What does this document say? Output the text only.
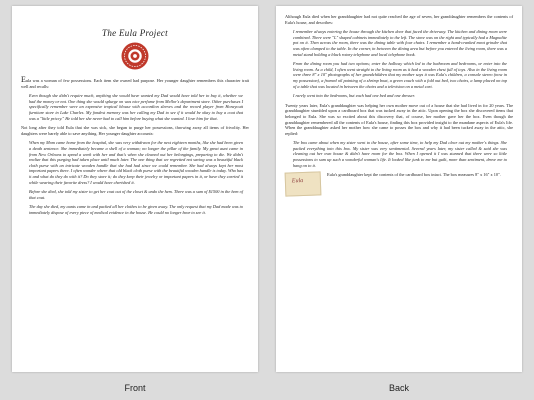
The Eula Project

Eula was a woman of few possessions. Each item she owned had purpose. Her younger daughter remembers this character trait well and recalls:

Even though she didn't require much, anything she would have wanted my Dad would have told her to buy it, whether we had the money or not. One thing she would splurge on was nice perfume from Mellor's department store. Other purchases I specifically remember were an expensive tropical blouse with accordion sleeves and the record player from Honeycutt furniture store in Lake Charles. My fondest memory was her calling my Dad to see if it would be okay to buy a coat that was a "little pricey." He told her she never had to call him before buying what she wanted. I love him for that.

Not long after they told Eula that she was sick, she began to purge her possessions, throwing away all items of frivolity. Her daughters were barely able to save anything. Her younger daughter accounts:

When my Mom came home from the hospital, she was very withdrawn for the next eighteen months, like she had been given a death sentence. She immediately became a shell of a woman; no longer the pillar of the family. My great aunt came in from New Orleans to spend a week with her and that's when she cleaned out her belongings, preparing to die. We didn't realize that this purging had taken place until much later. The one thing that we regretted not saving was a beautiful black cloth purse with an intricate wooden handle that she had had since we could remember. She had always kept her most important papers there. I often wonder where that old black cloth purse with the beautiful wooden handle is today. Who has it and what do they do with it? Do they store it; do they keep their jewelry or important papers in it, or have they carried it while wearing their favorite dress? I would have cherished it.

Before she died, she told my sister to get her coat out of the closet & undo the hem. There was a sum of $1500 in the hem of that coat.

The day she died, my aunts came in and packed all her clothes to be given away. The only request that my Dad made was to immediately dispose of every piece of medical evidence in the house. He could no longer bear to see it.

Although Eula died when her granddaughter had not quite reached the age of seven, her granddaughter remembers the contents of Eula's house, and describes:

I remember always entering the house through the kitchen door that faced the driveway. The kitchen and dining room were combined. There were "L" shaped cabinets immediately to the left. The stove was on the right and typically had a Magnalite pot on it. Then across the room, there was the dining table with four chairs. I remember a hand-cranked meat grinder that was often clamped to the table. In the corner, in between the dining area but before you entered the living room, there was a metal stand holding a black rotary telephone and local telephone book.

From the dining room you had two options; enter the hallway which led to the bathroom and bedrooms, or enter into the living room. As a child, I often went straight to the living room as it had a wooden chest full of toys. Also in the living room were three 8" x 10" photographs of her grandchildren that my mother says it was Eula's children, a console stereo (now in my possession), a framed oil painting of a shrimp boat, a green couch with a fold out bed, two chairs, a lamp placed on top of a table that was located in between the chairs and a television on a metal cart.

I rarely went into the bedrooms, but each had one bed and one dresser.

Twenty years later, Eula's granddaughter was helping her own mother move out of a house that she had lived in for 20 years. The granddaughter stumbled upon a cardboard box that was tucked away in the attic. Upon opening the box she discovered items that belonged to Eula. She was so excited about this discovery that, of course, her mother gave her the box. Even though the granddaughter remembered all the contents of Eula's house, finding this box provided insight to the mundane aspects of Eula's life. When the granddaughter asked her mother how she came to posses the box and why it had been tucked away in the attic, she replied:

The box came about when my sister went to the house, after some time, to help my Dad clear out my mother's things. She packed everything into this box. My sister was very sentimental. Several years later, my sister called & said she was cleaning out her own house & didn't have room for the box. When I opened it I was stunned that there were so little possessions to sum up such a wonderful woman's life. It looked like junk to me but guilt, more than sentiment, drove me to hang on to it.

Eula

Eula's granddaughter kept the contents of the cardboard box intact. The box measures 8" x 16" x 10".

Front	Back
